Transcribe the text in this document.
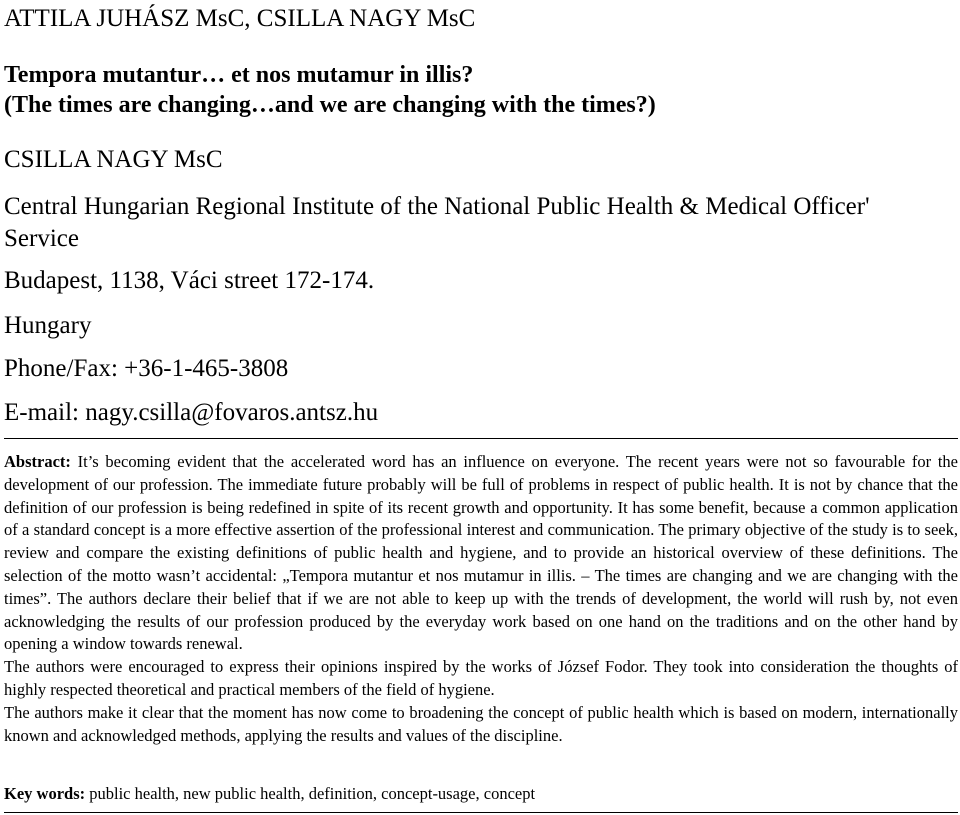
ATTILA JUHÁSZ MsC, CSILLA NAGY MsC
Tempora mutantur… et nos mutamur in illis?
(The times are changing…and we are changing with the times?)
CSILLA NAGY MsC
Central Hungarian Regional Institute of the National Public Health & Medical Officer' Service
Budapest, 1138, Váci street 172-174.
Hungary
Phone/Fax: +36-1-465-3808
E-mail: nagy.csilla@fovaros.antsz.hu

Abstract: It’s becoming evident that the accelerated word has an influence on everyone. The recent years were not so favourable for the development of our profession. The immediate future probably will be full of problems in respect of public health. It is not by chance that the definition of our profession is being redefined in spite of its recent growth and opportunity. It has some benefit, because a common application of a standard concept is a more effective assertion of the professional interest and communication. The primary objective of the study is to seek, review and compare the existing definitions of public health and hygiene, and to provide an historical overview of these definitions. The selection of the motto wasn’t accidental: „Tempora mutantur et nos mutamur in illis. – The times are changing and we are changing with the times”. The authors declare their belief that if we are not able to keep up with the trends of development, the world will rush by, not even acknowledging the results of our profession produced by the everyday work based on one hand on the traditions and on the other hand by opening a window towards renewal.

The authors were encouraged to express their opinions inspired by the works of József Fodor. They took into consideration the thoughts of highly respected theoretical and practical members of the field of hygiene.

The authors make it clear that the moment has now come to broadening the concept of public health which is based on modern, internationally known and acknowledged methods, applying the results and values of the discipline.

Key words: public health, new public health, definition, concept-usage, concept
